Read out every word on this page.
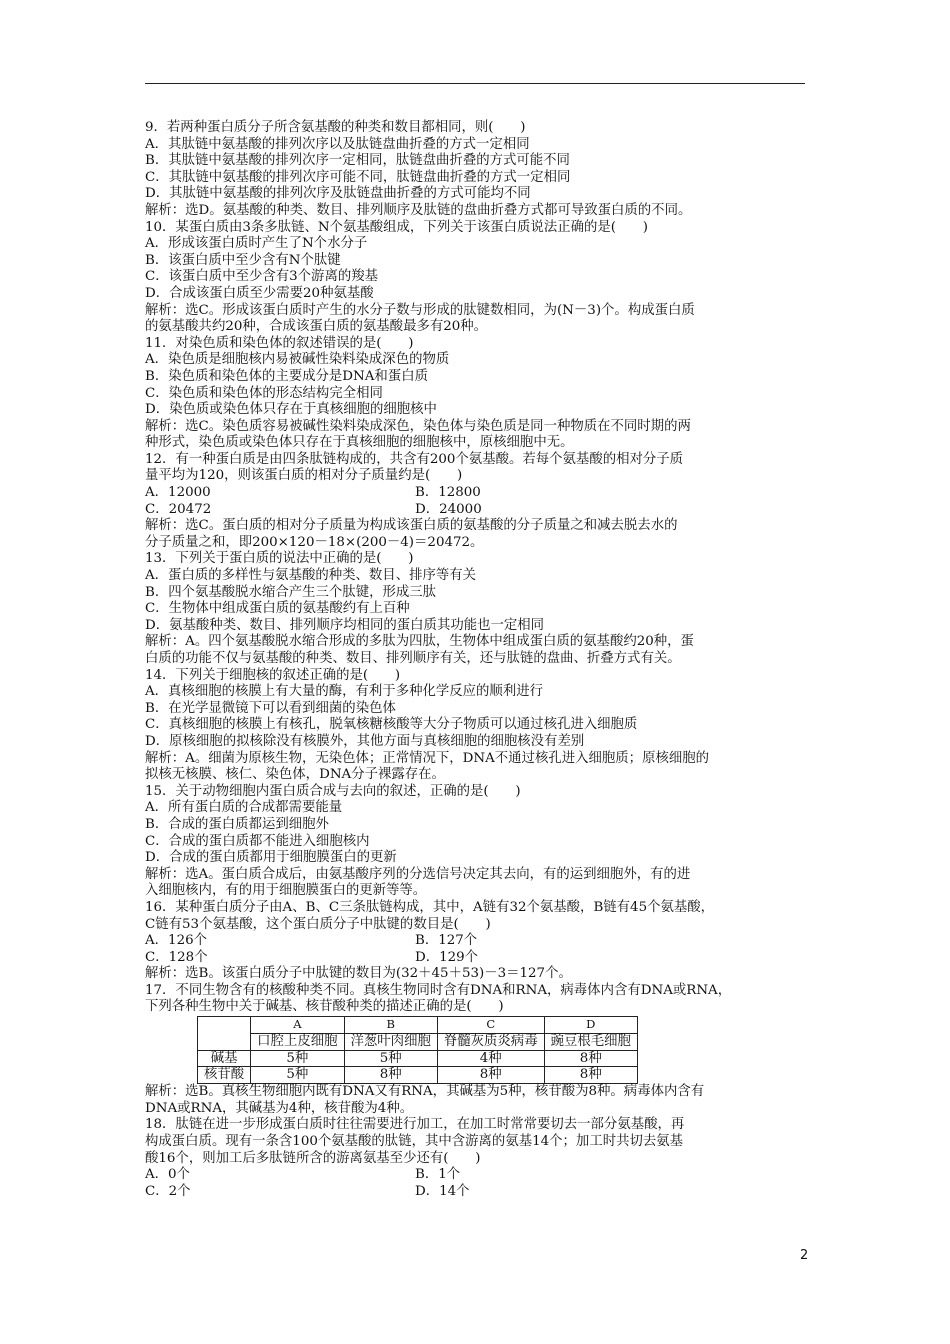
9．若两种蛋白质分子所含氨基酸的种类和数目都相同，则(　　)
A．其肽链中氨基酸的排列次序以及肽链盘曲折叠的方式一定相同
B．其肽链中氨基酸的排列次序一定相同，肽链盘曲折叠的方式可能不同
C．其肽链中氨基酸的排列次序可能不同，肽链盘曲折叠的方式一定相同
D．其肽链中氨基酸的排列次序及肽链盘曲折叠的方式可能均不同
解析：选D。氨基酸的种类、数目、排列顺序及肽链的盘曲折叠方式都可导致蛋白质的不同。
10．某蛋白质由3条多肽链、N个氨基酸组成，下列关于该蛋白质说法正确的是(　　)
A．形成该蛋白质时产生了N个水分子
B．该蛋白质中至少含有N个肽键
C．该蛋白质中至少含有3个游离的羧基
D．合成该蛋白质至少需要20种氨基酸
解析：选C。形成该蛋白质时产生的水分子数与形成的肽键数相同，为(N－3)个。构成蛋白质
的氨基酸共约20种，合成该蛋白质的氨基酸最多有20种。
11．对染色质和染色体的叙述错误的是(　　)
A．染色质是细胞核内易被碱性染料染成深色的物质
B．染色质和染色体的主要成分是DNA和蛋白质
C．染色质和染色体的形态结构完全相同
D．染色质或染色体只存在于真核细胞的细胞核中
解析：选C。染色质容易被碱性染料染成深色，染色体与染色质是同一种物质在不同时期的两
种形式，染色质或染色体只存在于真核细胞的细胞核中，原核细胞中无。
12．有一种蛋白质是由四条肽链构成的，共含有200个氨基酸。若每个氨基酸的相对分子质
量平均为120，则该蛋白质的相对分子质量约是(　　)
A．12000	B．12800
C．20472	D．24000
解析：选C。蛋白质的相对分子质量为构成该蛋白质的氨基酸的分子质量之和减去脱去水的
分子质量之和，即200×120－18×(200－4)＝20472。
13．下列关于蛋白质的说法中正确的是(　　)
A．蛋白质的多样性与氨基酸的种类、数目、排序等有关
B．四个氨基酸脱水缩合产生三个肽键，形成三肽
C．生物体中组成蛋白质的氨基酸约有上百种
D．氨基酸种类、数目、排列顺序均相同的蛋白质其功能也一定相同
解析：A。四个氨基酸脱水缩合形成的多肽为四肽，生物体中组成蛋白质的氨基酸约20种，蛋
白质的功能不仅与氨基酸的种类、数目、排列顺序有关，还与肽链的盘曲、折叠方式有关。
14．下列关于细胞核的叙述正确的是(　　)
A．真核细胞的核膜上有大量的酶，有利于多种化学反应的顺利进行
B．在光学显微镜下可以看到细菌的染色体
C．真核细胞的核膜上有核孔，脱氧核糖核酸等大分子物质可以通过核孔进入细胞质
D．原核细胞的拟核除没有核膜外，其他方面与真核细胞的细胞核没有差别
解析：A。细菌为原核生物，无染色体；正常情况下，DNA不通过核孔进入细胞质；原核细胞的
拟核无核膜、核仁、染色体，DNA分子裸露存在。
15．关于动物细胞内蛋白质合成与去向的叙述，正确的是(　　)
A．所有蛋白质的合成都需要能量
B．合成的蛋白质都运到细胞外
C．合成的蛋白质都不能进入细胞核内
D．合成的蛋白质都用于细胞膜蛋白的更新
解析：选A。蛋白质合成后，由氨基酸序列的分选信号决定其去向，有的运到细胞外，有的进
入细胞核内，有的用于细胞膜蛋白的更新等等。
16．某种蛋白质分子由A、B、C三条肽链构成，其中，A链有32个氨基酸，B链有45个氨基酸，
C链有53个氨基酸，这个蛋白质分子中肽键的数目是(　　)
A．126个	B．127个
C．128个	D．129个
解析：选B。该蛋白质分子中肽键的数目为(32＋45＋53)－3＝127个。
17．不同生物含有的核酸种类不同。真核生物同时含有DNA和RNA，病毒体内含有DNA或RNA，
下列各种生物中关于碱基、核苷酸种类的描述正确的是(　　)
	A	B	C	D
	口腔上皮细胞	洋葱叶肉细胞	脊髓灰质炎病毒	豌豆根毛细胞
碱基	5种	5种	4种	8种
核苷酸	5种	8种	8种	8种
解析：选B。真核生物细胞内既有DNA又有RNA，其碱基为5种，核苷酸为8种。病毒体内含有
DNA或RNA，其碱基为4种，核苷酸为4种。
18．肽链在进一步形成蛋白质时往往需要进行加工，在加工时常常要切去一部分氨基酸，再
构成蛋白质。现有一条含100个氨基酸的肽链，其中含游离的氨基14个；加工时共切去氨基
酸16个，则加工后多肽链所含的游离氨基至少还有(　　)
A．0个	B．1个
C．2个	D．14个
2
